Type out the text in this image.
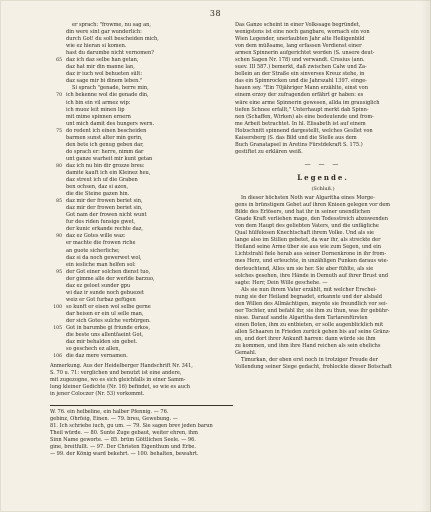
38
er sprach: "frowme, nu sag an,
din were sint gar wunderlich:
durch Got! du solt bescheiden mich,
wie ez hieran si komen.
hast du darumbe nicht vernomen?
65 daz ich daz selbe han getan,
daz hat mir din manne lan,
daz ir iuch wol behueten sült:
daz sage mir bi dinem leben."
Si sprach "genade, herre min,
70 ich bekenne wol die genade din,
ich bin ein vil armez wip:
ich muoz leit minen lip
mit mime spinnen ernern
unt mich damit des hungers wern.
75 do redent ich einen bescheiden
barmen sunst alter min gerin,
den bete ich genug geben dar,
do sprach er: herre, nimm dar
unt ganze warheit mir kunt getan
80 daz ich nu bin dir grozze breu:
damite kauft ich ein Kleinez heu,
daz streut ich uf die Graben
ben ochsen, daz si azen,
die die Steine gazen hin.
85 daz mir der frowen beriet sin,
daz mir der frowen beriet sin,
Got nam der frowen nicht wunt
fur des riden funsige gwet,
der kunic erkande rechte daz,
90 daz ez Gotes wille waz:
er machte die frowen riche
an guote sicherliche;
daz si da noch gewerwet wol,
ein iesliche man helfen sol:
95 der Got einer solchen dienst tuo,
der gimme alle der werlde barzuo,
daz ez geloet sunder gpu
wi daz ir sunde noch gebuezet
weiz er Got furbaz gefügen
100 so kunft er eisen wol selbe gerne
dar heisen er ein ul selle man,
der sich Gotes sulche verbürgen.
105 Got in barumbe gi friunde erkos,
die beste uns allentfaeint Got,
daz mir behalden sin gebet.
so geschech ez allen,
106 die daz mere vernamen.
Anmerkung. Aus der Heidelberger Handschrift Nr. 341,
S. 70 u. 71: verglichen und benutzt ist eine andere,
mit zugezogne, wo es sich gleichfalls in einer Samm-
lung kleiner Gedichte (Nr. 16) befindet, so wie es auch
in jener Coloczer (Nr. 53) vorkommt.
Das Ganze scheint in einer Volkssage begründet,
wenigstens ist eine noch gangbare, wornach ein von
Wien Legender, unerlaubten Jahr alte Heiligenbild
von dem müßsame, lang erfassen Verdienst einer
armen Spinnerin aufgerichtet worden (S. unsere deut-
schen Sagen Nr. 178) und verwandt. Crusius (ann.
suev. III 587.) bemerkt, daß zwischen Calw und Za-
bellein an der Straße ein sinverses Kreuz stehe, in
das ein Spinnrocken und die Jahrszahl 1397. einge-
hauen sey. "Ein 70jähriger Mann erzählte, einst von
einem erzoy der zufragenden erfährt gr haben: es
wäre eine arme Spinnerin gewesen, allda im grausiglich
tiefen Schnee erfallt," Unterhaupt merkt dab Spinn-
nen (Schaffen, Wirken) als eine bedeutende und from-
me Arbeit betrachtet. In hl. Elisabeth ist auf einem
Holzschnitt spinnend dargestellt, welches Gesllet von
Kaisersberg (S. das Bild und die Stelle aus dem
Buch Granatapsel in Aretins Fürstdekraft S. 175.)
gestiftet zu erklären weiß.
— — —
Legende.
(Schluß.)
In dieser höchsten Noth war Algaritha eines Morge-
gens in brünstigem Gebet auf ihren Knieen gelegen vor dem
Bilde des Erlösers, und hat ihr in seiner unendlichen
Gnade Kraft verliehen mage, den Todesstreich abzuwenden
von dem Haupt des geliebten Vaters, und die unfägliche
Qual hülfelosen Knechtschaft ihrem Volke. Und als sie
lange also im Stillen gebetet, da war ihr, als streckte der
Heiland seine Arme über sie aus wie zum Segen, und ein
Lichtstrahl fiele herab aus seiner Dornenkrone in ihr from-
mes Herz, und erleuchte, in unzähligen Funken daraus wie-
derleuchtend, Alles um sie her. Sie aber fühlte, als sie
solches gesehen, ihre Hände in Demuth auf ihrer Brust und
sagte: Herr, Dein Wille geschehe. —
Als sie nun ihrem Vater erzählt, mit welcher Erschei-
nung sie der Heiland begnadet, erkannte und der alsbald
den Willen des Allmächtigen, meynte sie freundlich vor sei-
ner Tochter, und befahl ihr, sie ihm zu thun, was ihr gebühr-
nisse. Darauf sandte Algaritha dem Tartarenfürsten
einen Boten, ihm zu entbieten, er solle augenblicklich mit
allen Schaaren in Frieden zurück gehen bis auf seine Gränz-
en, und dort ihrer Ankunft harren: dann würde sie ihm
zu kommen, und ihm ihre Hand reichen als sein ehelichs
Gemahl.
Timurkan, der eben erst noch in trotziger Freude der
Vollendung seiner Siege gedacht, frohlockte dieser Botschaft
W. 76. ein helbeline, ein halber Pfennig. — 76.
gebinz, Ohrfeig, Einen. — 79. breu, Gewebung. —
81. Ich schriebe iuch, gu um. — 79. Sie sagen brev jeden barun
Theil würde. — 80. Sunte Zuge gebaut, weiter ehren, ihm
Sinn Name geworte. — 85. brüm Göttlichen Seele. — 96.
gine, breitfullt. — 97. Der Christen Eigenthum und Erbe.
— 99. der König ward bekehrt. — 100. behalten, bewahrt.
